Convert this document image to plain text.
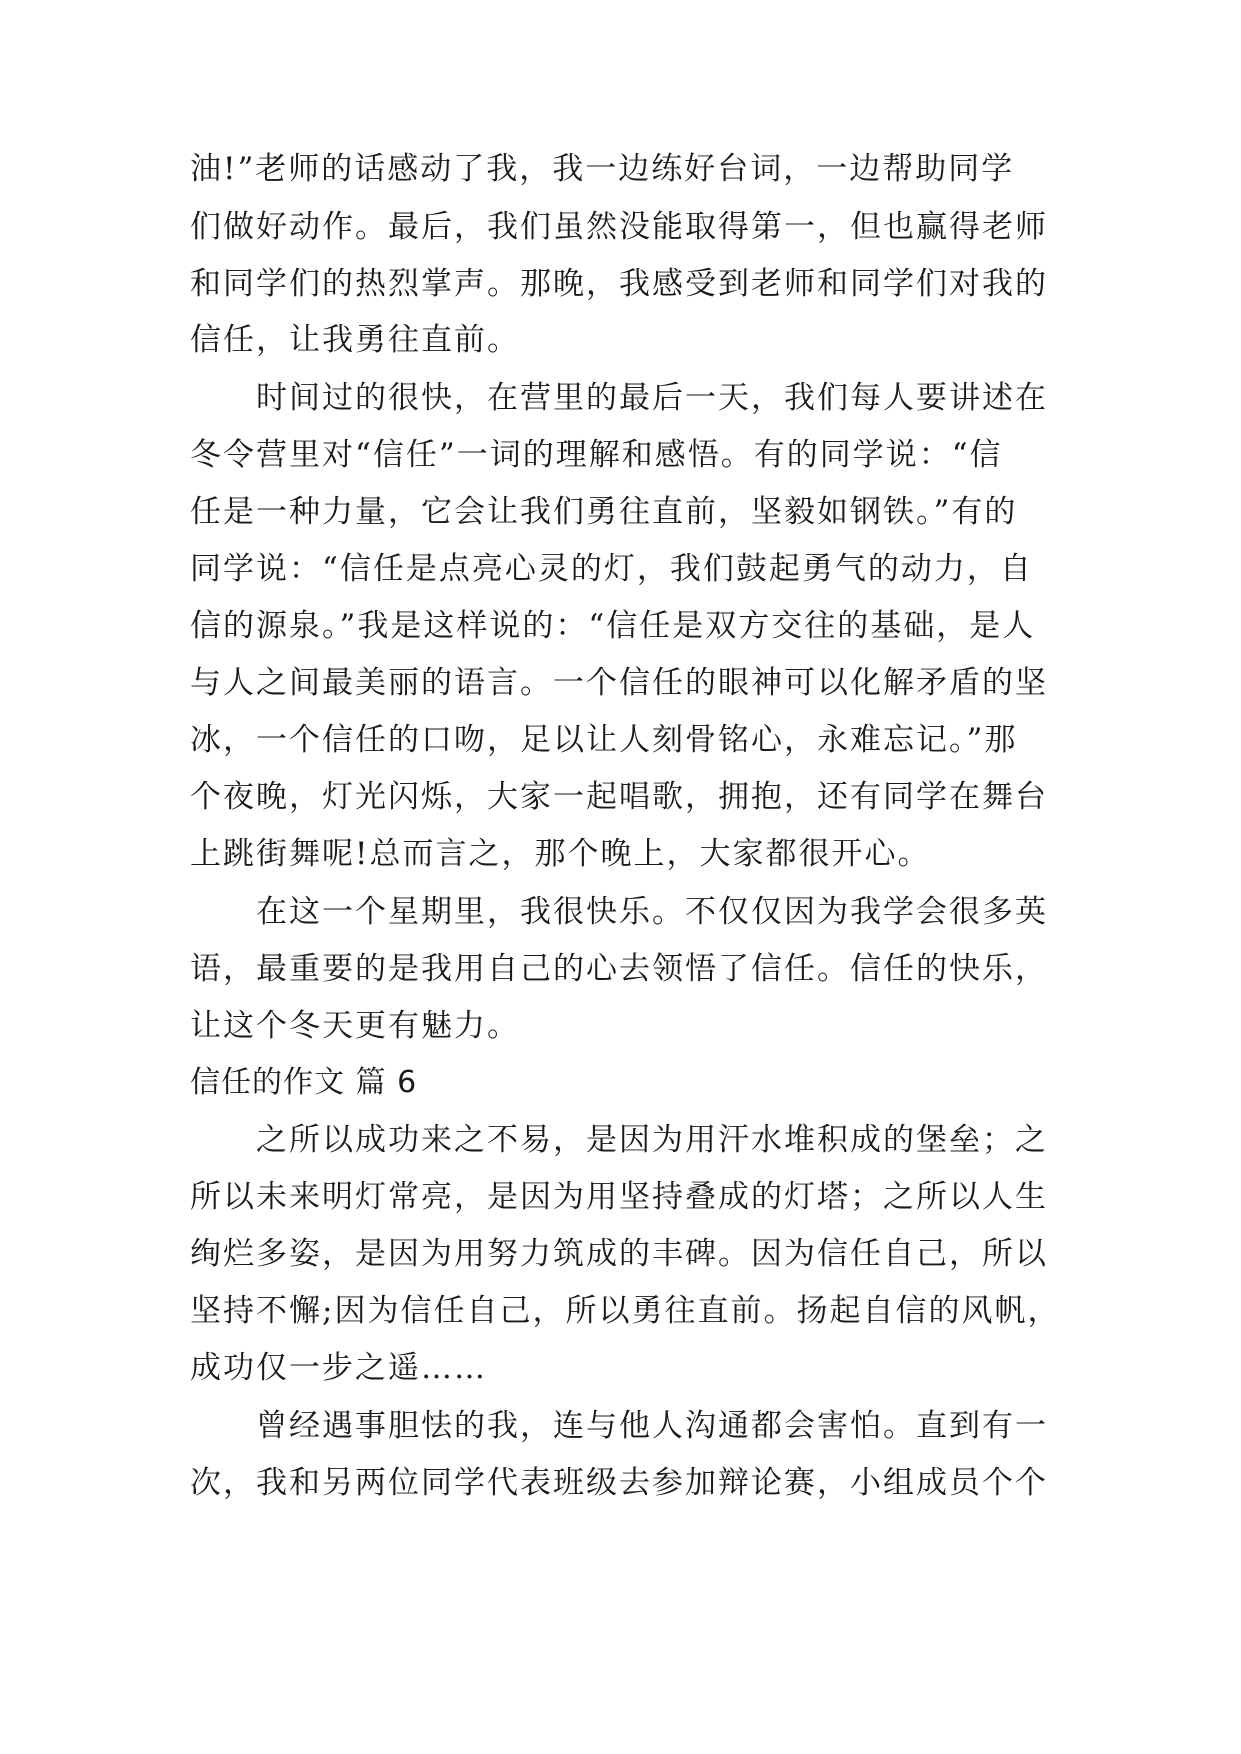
油!”老师的话感动了我，我一边练好台词，一边帮助同学
们做好动作。最后，我们虽然没能取得第一，但也赢得老师
和同学们的热烈掌声。那晚，我感受到老师和同学们对我的
信任，让我勇往直前。
　　时间过的很快，在营里的最后一天，我们每人要讲述在
冬令营里对“信任”一词的理解和感悟。有的同学说：“信
任是一种力量，它会让我们勇往直前，坚毅如钢铁。”有的
同学说：“信任是点亮心灵的灯，我们鼓起勇气的动力，自
信的源泉。”我是这样说的：“信任是双方交往的基础，是人
与人之间最美丽的语言。一个信任的眼神可以化解矛盾的坚
冰，一个信任的口吻，足以让人刻骨铭心，永难忘记。”那
个夜晚，灯光闪烁，大家一起唱歌，拥抱，还有同学在舞台
上跳街舞呢!总而言之，那个晚上，大家都很开心。
　　在这一个星期里，我很快乐。不仅仅因为我学会很多英
语，最重要的是我用自己的心去领悟了信任。信任的快乐，
让这个冬天更有魅力。
信任的作文 篇 6
　　之所以成功来之不易，是因为用汗水堆积成的堡垒；之
所以未来明灯常亮，是因为用坚持叠成的灯塔；之所以人生
绚烂多姿，是因为用努力筑成的丰碑。因为信任自己，所以
坚持不懈;因为信任自己，所以勇往直前。扬起自信的风帆，
成功仅一步之遥……
　　曾经遇事胆怯的我，连与他人沟通都会害怕。直到有一
次，我和另两位同学代表班级去参加辩论赛，小组成员个个
